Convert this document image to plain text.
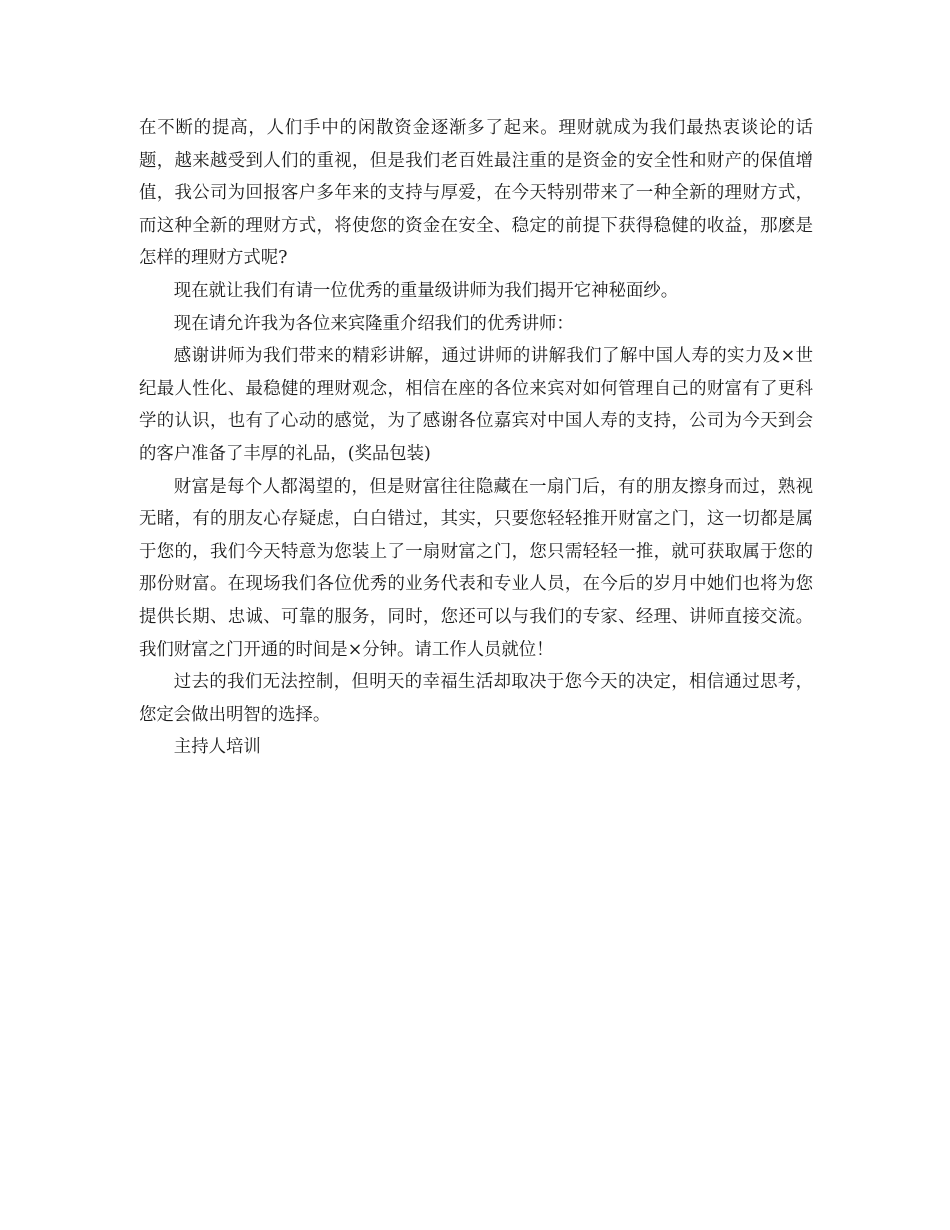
在不断的提高，人们手中的闲散资金逐渐多了起来。理财就成为我们最热衷谈论的话题，越来越受到人们的重视，但是我们老百姓最注重的是资金的安全性和财产的保值增值，我公司为回报客户多年来的支持与厚爱，在今天特别带来了一种全新的理财方式，而这种全新的理财方式，将使您的资金在安全、稳定的前提下获得稳健的收益，那麽是怎样的理财方式呢?

现在就让我们有请一位优秀的重量级讲师为我们揭开它神秘面纱。

现在请允许我为各位来宾隆重介绍我们的优秀讲师：

感谢讲师为我们带来的精彩讲解，通过讲师的讲解我们了解中国人寿的实力及×世纪最人性化、最稳健的理财观念，相信在座的各位来宾对如何管理自己的财富有了更科学的认识，也有了心动的感觉，为了感谢各位嘉宾对中国人寿的支持，公司为今天到会的客户准备了丰厚的礼品，(奖品包装)

财富是每个人都渴望的，但是财富往往隐藏在一扇门后，有的朋友擦身而过，熟视无睹，有的朋友心存疑虑，白白错过，其实，只要您轻轻推开财富之门，这一切都是属于您的，我们今天特意为您装上了一扇财富之门，您只需轻轻一推，就可获取属于您的那份财富。在现场我们各位优秀的业务代表和专业人员，在今后的岁月中她们也将为您提供长期、忠诚、可靠的服务，同时，您还可以与我们的专家、经理、讲师直接交流。我们财富之门开通的时间是×分钟。请工作人员就位！

过去的我们无法控制，但明天的幸福生活却取决于您今天的决定，相信通过思考，您定会做出明智的选择。

主持人培训
